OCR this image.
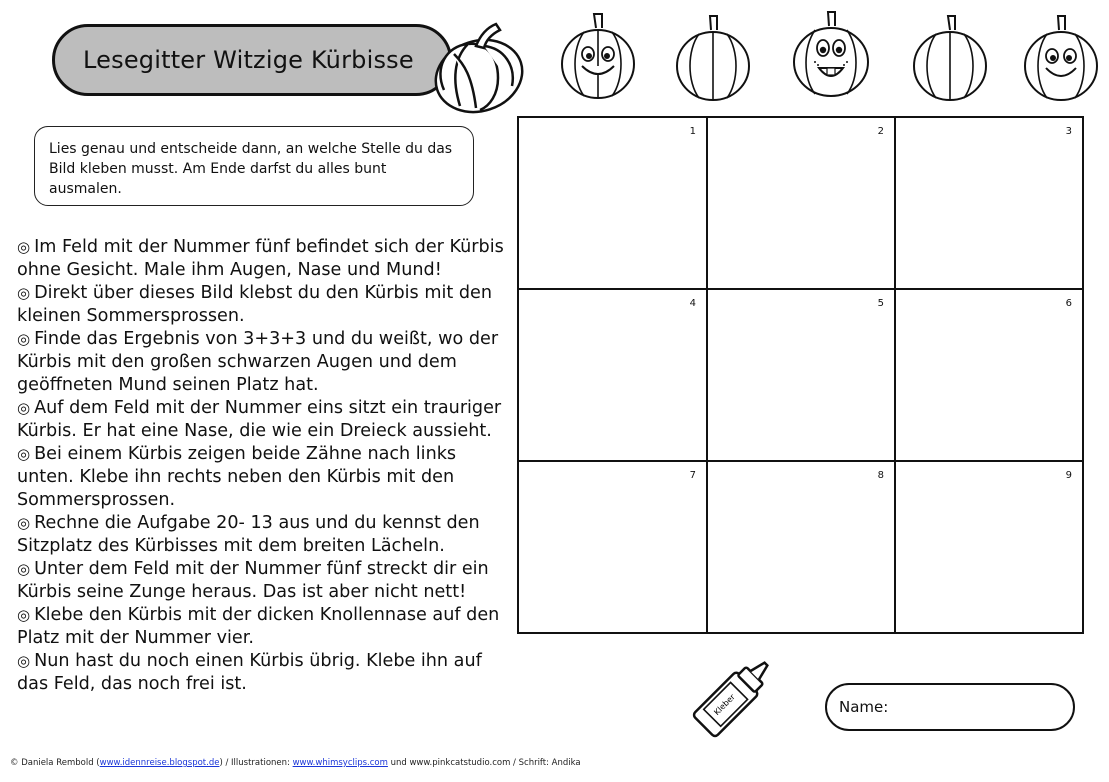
Lesegitter Witzige Kürbisse
Lies genau und entscheide dann, an welche Stelle du das Bild kleben musst. Am Ende darfst du alles bunt ausmalen.
◎ Im Feld mit der Nummer fünf befindet sich der Kürbis ohne Gesicht. Male ihm Augen, Nase und Mund!
◎ Direkt über dieses Bild klebst du den Kürbis mit den kleinen Sommersprossen.
◎ Finde das Ergebnis von 3+3+3 und du weißt, wo der Kürbis mit den großen schwarzen Augen und dem geöffneten Mund seinen Platz hat.
◎ Auf dem Feld mit der Nummer eins sitzt ein trauriger Kürbis. Er hat eine Nase, die wie ein Dreieck aussieht.
◎ Bei einem Kürbis zeigen beide Zähne nach links unten. Klebe ihn rechts neben den Kürbis mit den Sommersprossen.
◎ Rechne die Aufgabe 20- 13 aus und du kennst den Sitzplatz des Kürbisses mit dem breiten Lächeln.
◎ Unter dem Feld mit der Nummer fünf streckt dir ein Kürbis seine Zunge heraus. Das ist aber nicht nett!
◎ Klebe den Kürbis mit der dicken Knollennase auf den Platz mit der Nummer vier.
◎ Nun hast du noch einen Kürbis übrig. Klebe ihn auf das Feld, das noch frei ist.
1	2	3
4	5	6
7	8	9
Kleber	Name:
© Daniela Rembold (www.idennreise.blogspot.de) / Illustrationen: www.whimsyclips.com und www.pinkcatstudio.com / Schrift: Andika
